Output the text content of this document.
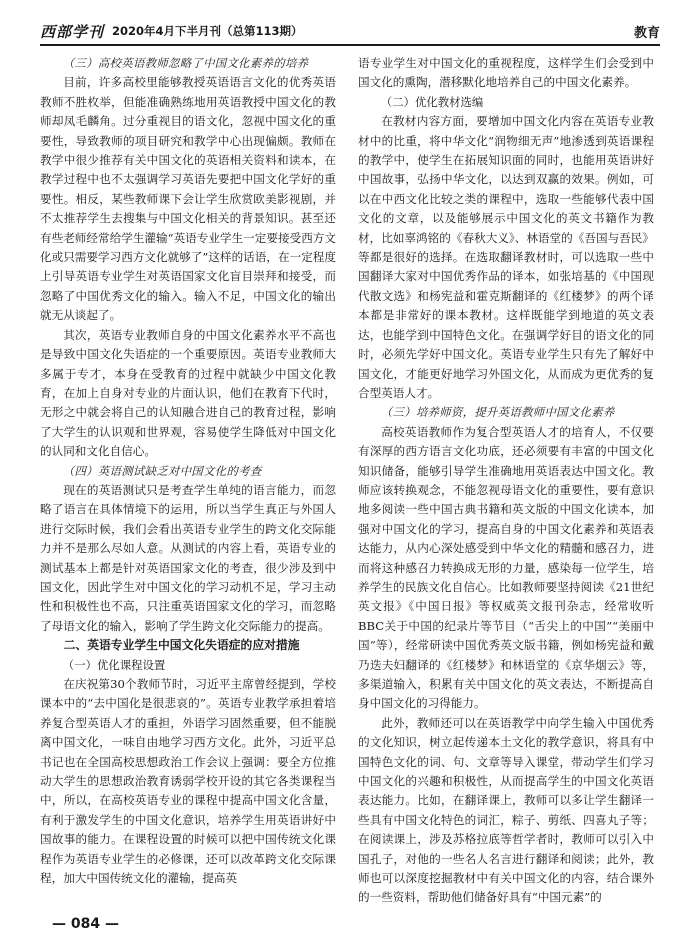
西部学刊 2020年4月下半月刊（总第113期）	教育
（三）高校英语教师忽略了中国文化素养的培养

目前，许多高校里能够教授英语语言文化的优秀英语教师不胜枚举，但能准确熟练地用英语教授中国文化的教师却凤毛麟角。过分重视目的语文化，忽视中国文化的重要性，导致教师的项目研究和教学中心出现偏颇。教师在教学中很少推荐有关中国文化的英语相关资料和读本，在教学过程中也不太强调学习英语先要把中国文化学好的重要性。相反，某些教师课下会让学生欣赏欧美影视剧，并不太推荐学生去搜集与中国文化相关的背景知识。甚至还有些老师经常给学生灌输“英语专业学生一定要接受西方文化或只需要学习西方文化就够了”这样的话语，在一定程度上引导英语专业学生对英语国家文化盲目崇拜和接受，而忽略了中国优秀文化的输入。输入不足，中国文化的输出就无从谈起了。

其次，英语专业教师自身的中国文化素养水平不高也是导致中国文化失语症的一个重要原因。英语专业教师大多属于专才，本身在受教育的过程中就缺少中国文化教育，在加上自身对专业的片面认识，他们在教育下代时，无形之中就会将自己的认知融合进自己的教育过程，影响了大学生的认识观和世界观，容易使学生降低对中国文化的认同和文化自信心。

（四）英语测试缺乏对中国文化的考查

现在的英语测试只是考查学生单纯的语言能力，而忽略了语言在具体情境下的运用，所以当学生真正与外国人进行交际时候，我们会看出英语专业学生的跨文化交际能力并不是那么尽如人意。从测试的内容上看，英语专业的测试基本上都是针对英语国家文化的考查，很少涉及到中国文化，因此学生对中国文化的学习动机不足，学习主动性和积极性也不高，只注重英语国家文化的学习，而忽略了母语文化的输入，影响了学生跨文化交际能力的提高。

二、英语专业学生中国文化失语症的应对措施
（一）优化课程设置

在庆祝第30个教师节时，习近平主席曾经提到，学校课本中的“去中国化是很悲哀的”。英语专业教学承担着培养复合型英语人才的重担，外语学习固然重要，但不能脱离中国文化，一味自由地学习西方文化。此外，习近平总书记也在全国高校思想政治工作会议上强调：要全方位推动大学生的思想政治教育诱弱学校开设的其它各类课程当中，所以，在高校英语专业的课程中提高中国文化含量，有利于激发学生的中国文化意识，培养学生用英语讲好中国故事的能力。在课程设置的时候可以把中国传统文化课程作为英语专业学生的必修课，还可以改革跨文化交际课程，加大中国传统文化的灌输，提高英

语专业学生对中国文化的重视程度，这样学生们会受到中国文化的熏陶，潜移默化地培养自己的中国文化素养。

（二）优化教材选编

在教材内容方面，要增加中国文化内容在英语专业教材中的比重，将中华文化“润物细无声”地渗透到英语课程的教学中，使学生在拓展知识面的同时，也能用英语讲好中国故事，弘扬中华文化，以达到双赢的效果。例如，可以在中西文化比较之类的课程中，选取一些能够代表中国文化的文章，以及能够展示中国文化的英文书籍作为教材，比如辜鸿铭的《春秋大义》、林语堂的《吾国与吾民》等都是很好的选择。在选取翻译教材时，可以选取一些中国翻译大家对中国优秀作品的译本，如张培基的《中国现代散文选》和杨宪益和霍克斯翻译的《红楼梦》的两个译本都是非常好的课本教材。这样既能学到地道的英文表达，也能学到中国特色文化。在强调学好目的语文化的同时，必须先学好中国文化。英语专业学生只有先了解好中国文化，才能更好地学习外国文化，从而成为更优秀的复合型英语人才。

（三）培养师资，提升英语教师中国文化素养

高校英语教师作为复合型英语人才的培育人，不仅要有深厚的西方语言文化功底，还必须要有丰富的中国文化知识储备，能够引导学生准确地用英语表达中国文化。教师应该转换观念，不能忽视母语文化的重要性，要有意识地多阅读一些中国古典书籍和英文版的中国文化读本，加强对中国文化的学习，提高自身的中国文化素养和英语表达能力，从内心深处感受到中华文化的精髓和感召力，进而将这种感召力转换成无形的力量，感染每一位学生，培养学生的民族文化自信心。比如教师要坚持阅读《21世纪英文报》《中国日报》等权威英文报刊杂志，经常收听BBC关于中国的纪录片等节目（“舌尖上的中国”“美丽中国”等），经常研读中国优秀英文版书籍，例如杨宪益和戴乃迭夫妇翻译的《红楼梦》和林语堂的《京华烟云》等，多渠道输入，积累有关中国文化的英文表达，不断提高自身中国文化的习得能力。

此外，教师还可以在英语教学中向学生输入中国优秀的文化知识，树立起传递本土文化的教学意识，将具有中国特色文化的词、句、文章等导入课堂，带动学生们学习中国文化的兴趣和积极性，从而提高学生的中国文化英语表达能力。比如，在翻译课上，教师可以多让学生翻译一些具有中国文化特色的词汇，粽子、剪纸、四喜丸子等；在阅读课上，涉及苏格拉底等哲学者时，教师可以引入中国孔子，对他的一些名人名言进行翻译和阅读；此外，教师也可以深度挖掘教材中有关中国文化的内容，结合课外的一些资料，帮助他们储备好具有“中国元素”的

— 084 —
